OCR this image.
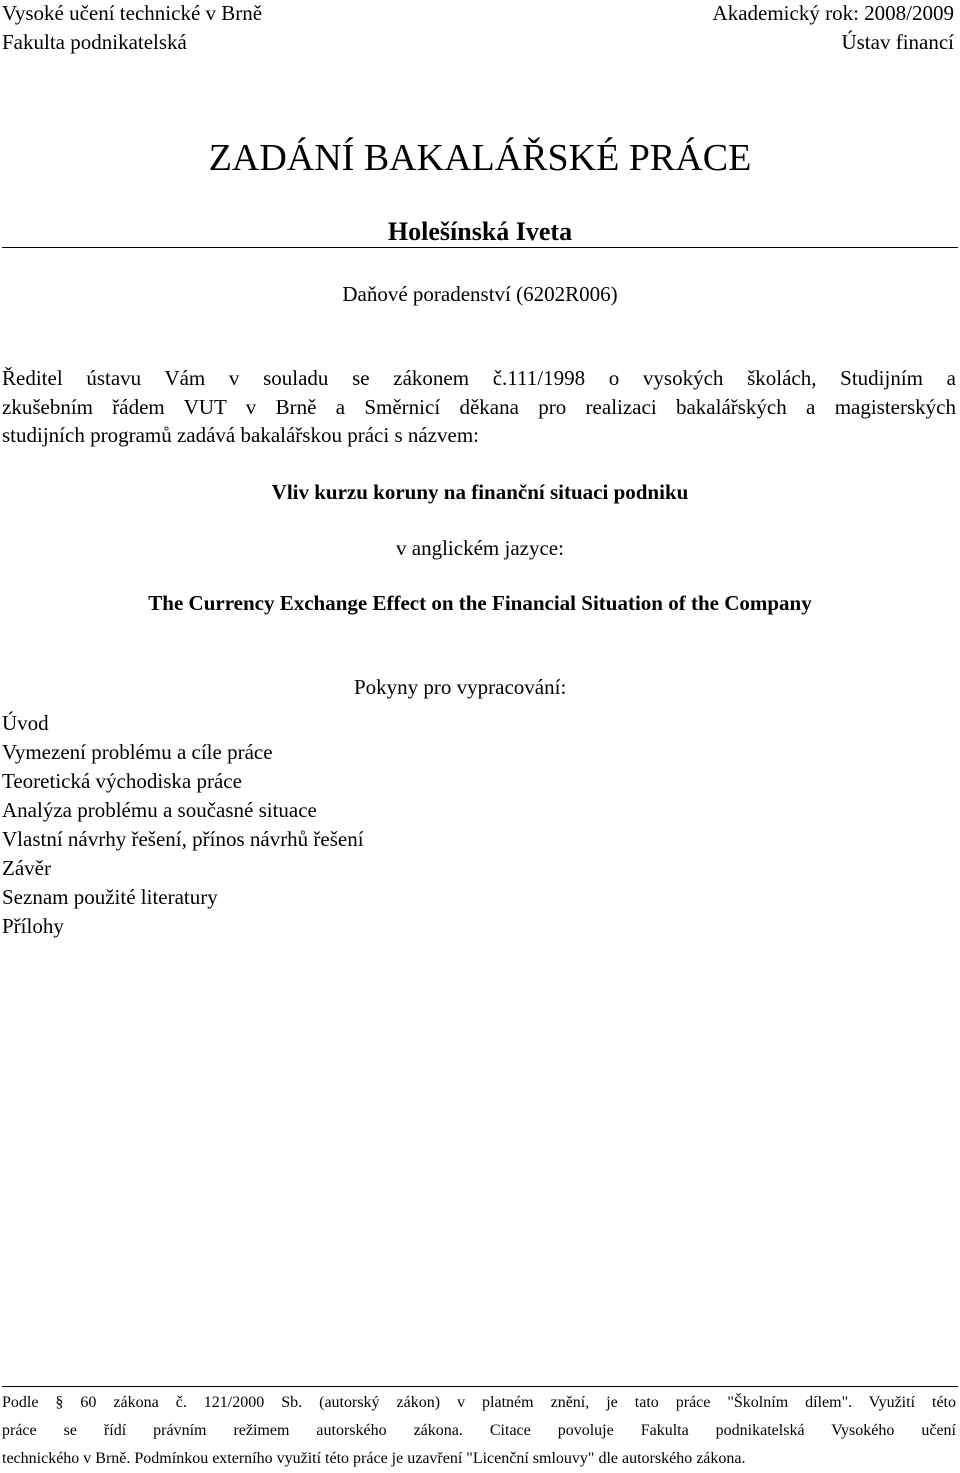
Vysoké učení technické v Brně
Fakulta podnikatelská
Akademický rok: 2008/2009
Ústav financí
ZADÁNÍ BAKALÁŘSKÉ PRÁCE
Holešínská Iveta
Daňové poradenství (6202R006)
Ředitel ústavu Vám v souladu se zákonem č.111/1998 o vysokých školách, Studijním a
zkušebním řádem VUT v Brně a Směrnicí děkana pro realizaci bakalářských a magisterských
studijních programů zadává bakalářskou práci s názvem:
Vliv kurzu koruny na finanční situaci podniku
v anglickém jazyce:
The Currency Exchange Effect on the Financial Situation of the Company
Pokyny pro vypracování:
Úvod
Vymezení problému a cíle práce
Teoretická východiska práce
Analýza problému a současné situace
Vlastní návrhy řešení, přínos návrhů řešení
Závěr
Seznam použité literatury
Přílohy
Podle § 60 zákona č. 121/2000 Sb. (autorský zákon) v platném znění, je tato práce "Školním dílem". Využití této
práce se řídí právním režimem autorského zákona. Citace povoluje Fakulta podnikatelská Vysokého učení
technického v Brně. Podmínkou externího využití této práce je uzavření "Licenční smlouvy" dle autorského zákona.
